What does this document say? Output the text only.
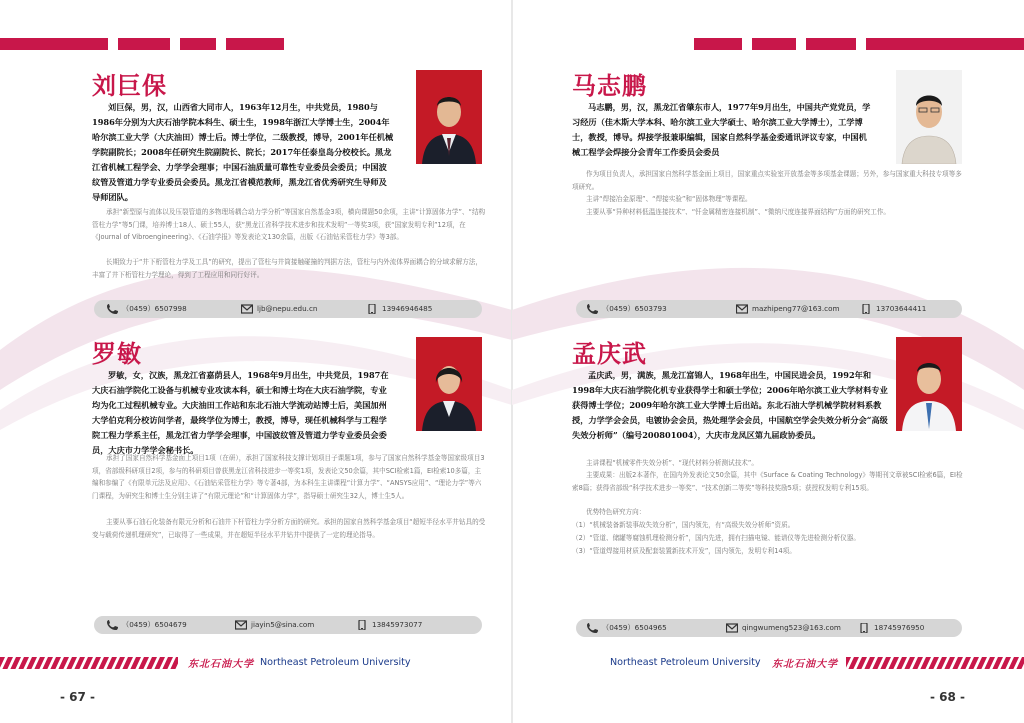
刘巨保

刘巨保，男，汉，山西省大同市人，1963年12月生，中共党员，1980与1986年分别为大庆石油学院本科生、硕士生，1998年浙江大学博士生，2004年哈尔滨工业大学（大庆油田）博士后。博士学位，二级教授，博导，2001年任机械学院副院长；2008年任研究生院副院长、院长；2017年任泰皇岛分校校长。黑龙江省机械工程学会、力学学会理事；中国石油质量可靠性专业委员会委员；中国波纹管及管道力学专业委员会委员。黑龙江省模范教师，黑龙江省优秀研究生导师及导师团队。

承担“新型原与流体以及压裂管道的多物理场耦合动力学分析”等国家自然基金3项，横向课题50余项，主讲“计算固体力学”、“结构管柱力学”等5门课，培养博士18人、硕士55人，获“黑龙江省科学技术进步和技术发明”一等奖3项，获“国家发明专利”12项，在《Journal of Vibroengineering》、《石油学报》等发表论文130余篇，出版《石油钻采管柱力学》等3部。

长期致力于“井下桁管柱力学及工具”的研究，提出了管柱与井筒接触碰撞的判据方法，管柱与内外流体界面耦合的分域求解方法，丰富了井下桁管柱力学理论，得到了工程应用和同行好评。

（0459）6507998	ljb@nepu.edu.cn	13946946485
罗敏

罗敏，女，汉族，黑龙江省嘉荫县人，1968年9月出生，中共党员，1987在大庆石油学院化工设备与机械专业攻读本科，硕士和博士均在大庆石油学院，专业均为化工过程机械专业。大庆油田工作站和东北石油大学流动站博士后，美国加州大学伯克利分校访问学者，最终学位为博士，教授，博导，现任机械科学与工程学院工程力学系主任，黑龙江省力学学会理事，中国波纹管及管道力学专业委员会委员，大庆市力学学会秘书长。

承担了国家自然科学基金面上项目1项（在研），承担了国家科技支撑计划项目子课题1项，参与了国家自然科学基金等国家级项目3项，省部级科研项目2项，参与的科研项目曾获黑龙江省科技进步一等奖1项，发表论文50余篇，其中SCI检索1篇，EI检索10多篇，主编和参编了《有限单元法及应用》、《石油钻采管柱力学》等专著4部，为本科生主讲课程“计算力学”、“ANSYS应用”、“理论力学”等六门课程，为研究生和博士生分别主讲了“有限元理论”和“计算固体力学”，指导硕士研究生32人，博士生5人。

主要从事石油石化装备有限元分析和石油井下杆管柱力学分析方面的研究。承担的国家自然科学基金项目“超短半径水平井钻具的受变与载荷传递机理研究”，已取得了一些成果，并在超短半径水平井钻井中提供了一定的理论指导。

（0459）6504679	jiayin5@sina.com	13845973077
东北石油大学 Northeast Petroleum University
- 67 -
马志鹏

马志鹏，男，汉，黑龙江省肇东市人，1977年9月出生，中国共产党党员，学习经历（佳木斯大学本科、哈尔滨工业大学硕士、哈尔滨工业大学博士），工学博士，教授，博导。焊接学报兼职编辑，国家自然科学基金委通讯评议专家，中国机械工程学会焊接分会青年工作委员会委员

作为项目负责人，承担国家自然科学基金面上项目，国家重点实验室开放基金等多项基金课题；另外，参与国家重大科技专项等多项研究。

主讲“焊接冶金原理”、“焊接实验”和“固体物理”等课程。

主要从事“异种材料低温连接技术”、“钎金属精密连接机制”、“微纳尺度连接界面结构”方面的研究工作。

（0459）6503793	mazhipeng77@163.com	13703644411
孟庆武

孟庆武，男，满族，黑龙江富锦人，1968年出生，中国民进会员，1992年和1998年大庆石油学院化机专业获得学士和硕士学位；2006年哈尔滨工业大学材料专业获得博士学位；2009年哈尔滨工业大学博士后出站。东北石油大学机械学院材料系教授，力学学会会员，电镀协会会员，热处理学会会员，中国航空学会失效分析分会“高级失效分析师”（编号200801004），大庆市龙凤区第九届政协委员。

主讲课程“机械零件失效分析”、“现代材料分析测试技术”。

主要成果：出版2本著作，在国内外发表论文50余篇，其中《Surface & Coating Technology》等期刊文章被SCI检索6篇，EI检索8篇；获得省部级“科学技术进步一等奖”、“技术创新二等奖”等科技奖励5项；获授权发明专利15项。

优势特色研究方向：

（1）“机械装备新装事故失效分析”，国内领先，有“高级失效分析师”资质。

（2）“管道、储罐等腐蚀机理检测分析”，国内先进，拥有扫描电镜、能谱仪等先进检测分析仪器。

（3）“管道焊接用材质及配套装置新技术开发”，国内领先，发明专利14项。

（0459）6504965	qingwumeng523@163.com	18745976950
Northeast Petroleum University 东北石油大学
- 68 -
